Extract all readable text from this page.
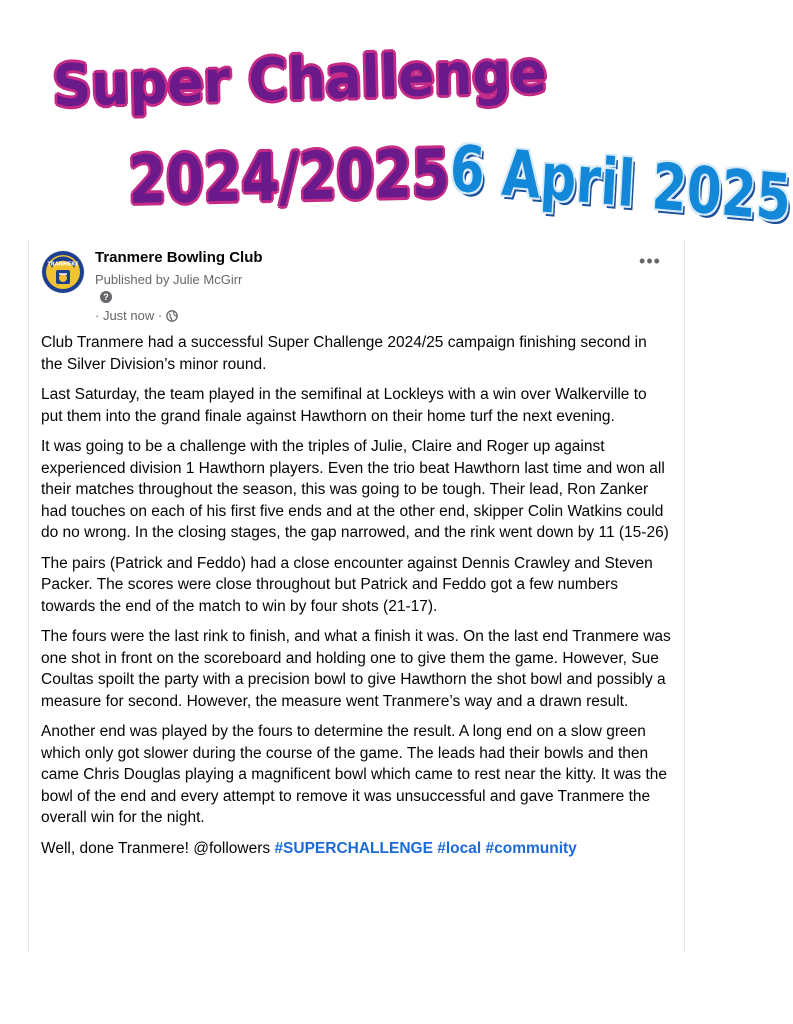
Super Challenge
2024/2025
6 April 2025
TRANMERE Tranmere Bowling Club
Published by Julie McGirr
?
· Just now ·
•••

Club Tranmere had a successful Super Challenge 2024/25 campaign finishing second in the Silver Division’s minor round.

Last Saturday, the team played in the semifinal at Lockleys with a win over Walkerville to put them into the grand finale against Hawthorn on their home turf the next evening.

It was going to be a challenge with the triples of Julie, Claire and Roger up against experienced division 1 Hawthorn players. Even the trio beat Hawthorn last time and won all their matches throughout the season, this was going to be tough. Their lead, Ron Zanker had touches on each of his first five ends and at the other end, skipper Colin Watkins could do no wrong. In the closing stages, the gap narrowed, and the rink went down by 11 (15-26)

The pairs (Patrick and Feddo) had a close encounter against Dennis Crawley and Steven Packer. The scores were close throughout but Patrick and Feddo got a few numbers towards the end of the match to win by four shots (21-17).

The fours were the last rink to finish, and what a finish it was. On the last end Tranmere was one shot in front on the scoreboard and holding one to give them the game. However, Sue Coultas spoilt the party with a precision bowl to give Hawthorn the shot bowl and possibly a measure for second. However, the measure went Tranmere’s way and a drawn result.

Another end was played by the fours to determine the result. A long end on a slow green which only got slower during the course of the game. The leads had their bowls and then came Chris Douglas playing a magnificent bowl which came to rest near the kitty. It was the bowl of the end and every attempt to remove it was unsuccessful and gave Tranmere the overall win for the night.

Well, done Tranmere! @followers #SUPERCHALLENGE #local #community
